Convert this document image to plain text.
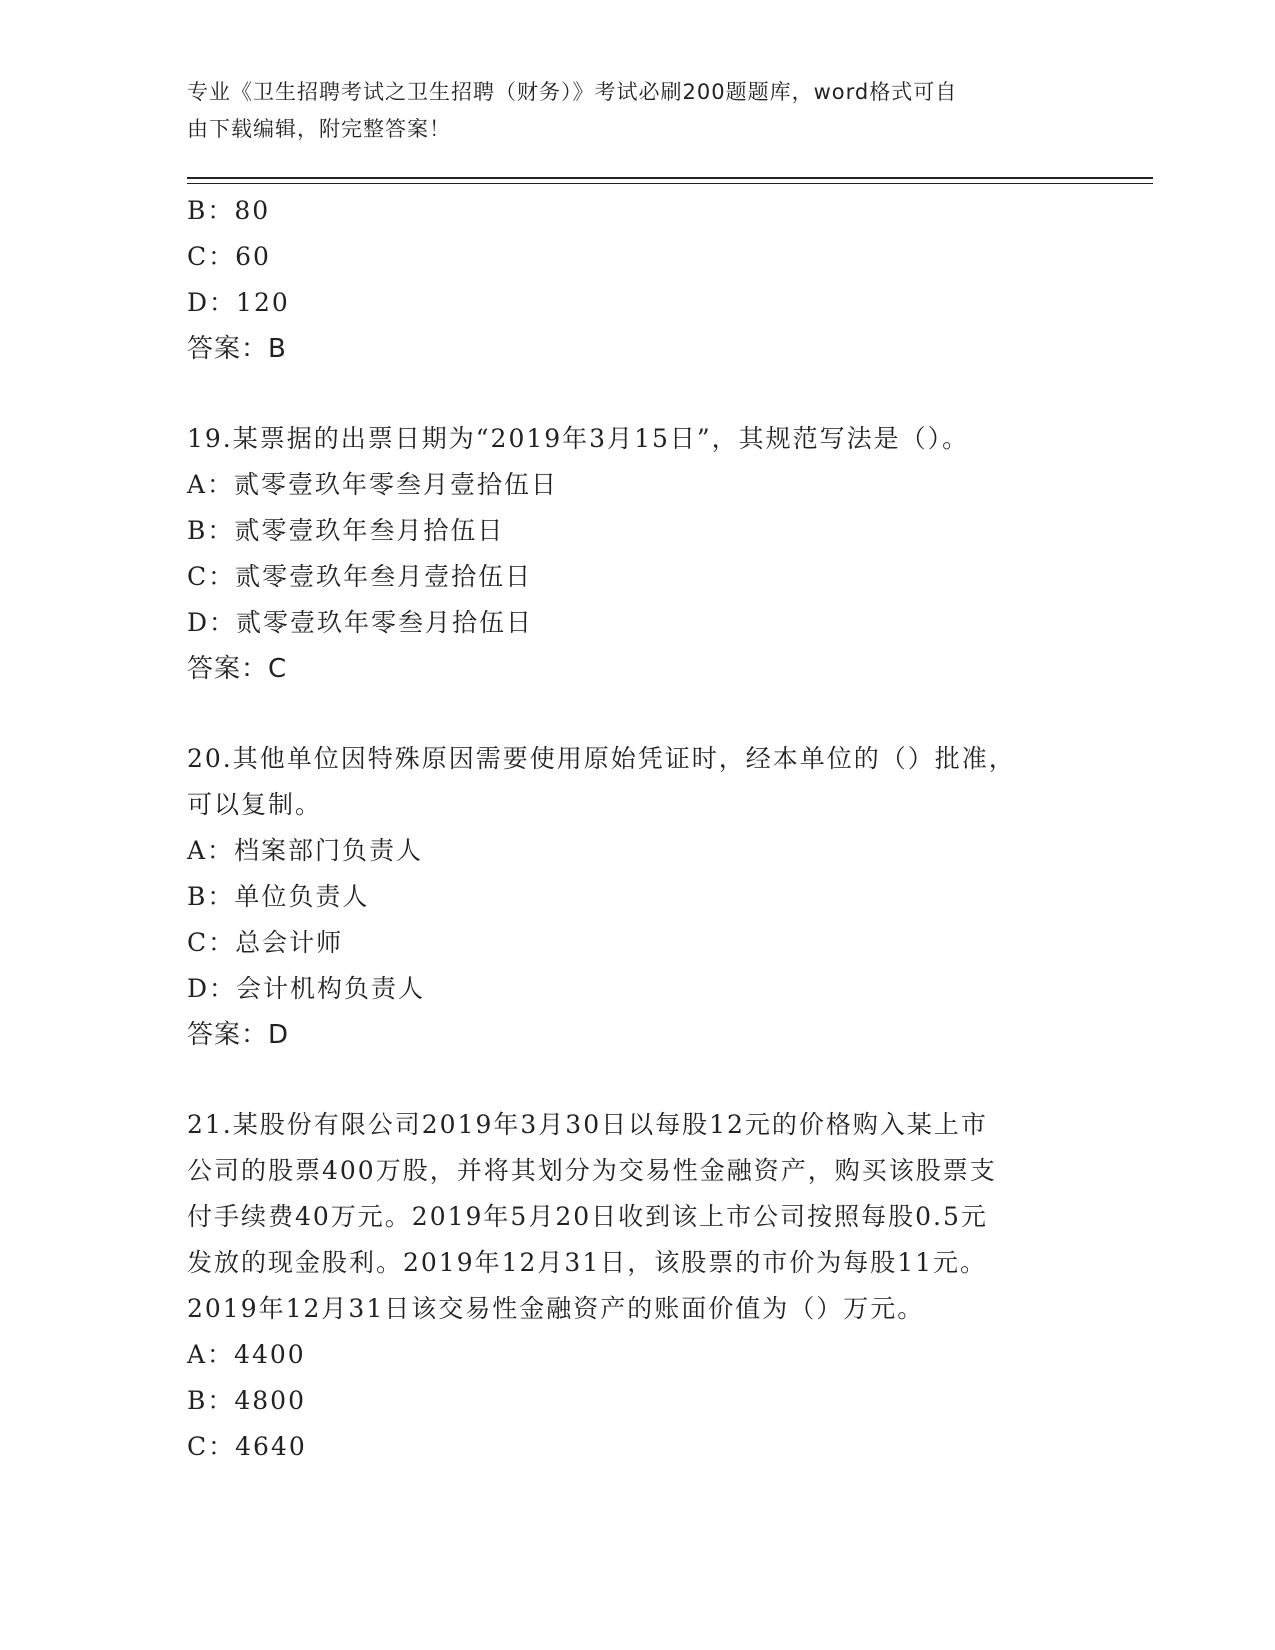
专业《卫生招聘考试之卫生招聘（财务）》考试必刷200题题库，word格式可自
由下载编辑，附完整答案！
B：80
C：60
D：120
答案：B
19.某票据的出票日期为“2019年3月15日”，其规范写法是（）。
A：贰零壹玖年零叁月壹拾伍日
B：贰零壹玖年叁月拾伍日
C：贰零壹玖年叁月壹拾伍日
D：贰零壹玖年零叁月拾伍日
答案：C
20.其他单位因特殊原因需要使用原始凭证时，经本单位的（）批准，
可以复制。
A：档案部门负责人
B：单位负责人
C：总会计师
D：会计机构负责人
答案：D
21.某股份有限公司2019年3月30日以每股12元的价格购入某上市
公司的股票400万股，并将其划分为交易性金融资产，购买该股票支
付手续费40万元。2019年5月20日收到该上市公司按照每股0.5元
发放的现金股利。2019年12月31日，该股票的市价为每股11元。
2019年12月31日该交易性金融资产的账面价值为（）万元。
A：4400
B：4800
C：4640
